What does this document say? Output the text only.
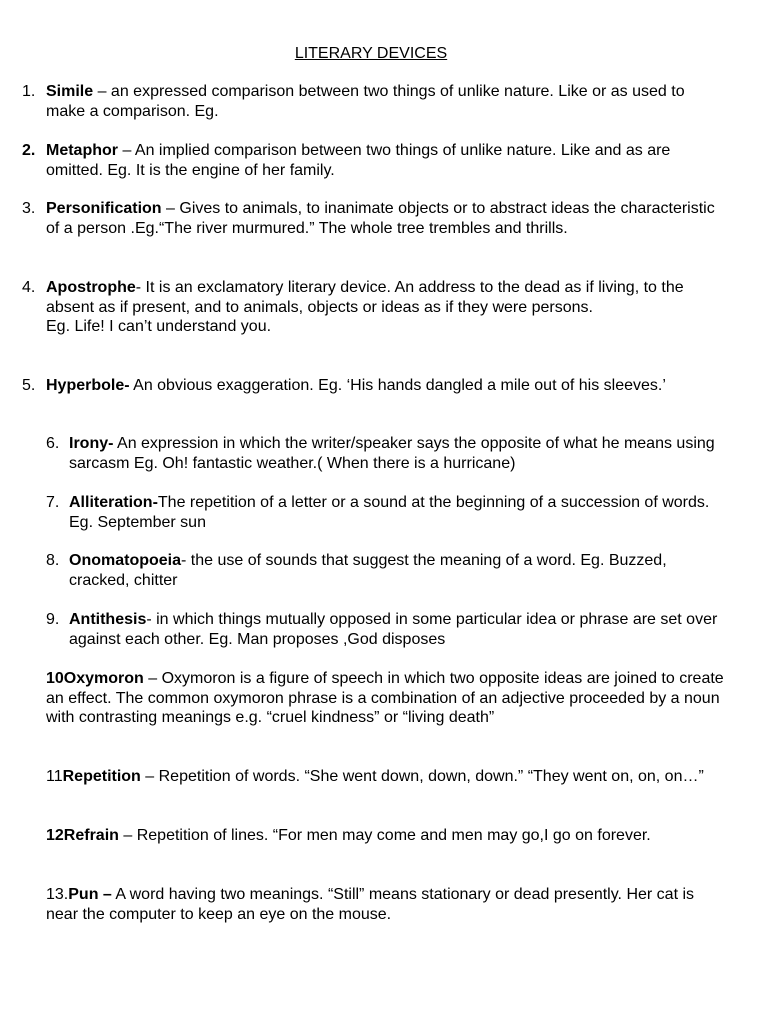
LITERARY DEVICES
1. Simile – an expressed comparison between two things of unlike nature. Like or as used to make a comparison. Eg.
2. Metaphor – An implied comparison between two things of unlike nature. Like and as are omitted. Eg. It is the engine of her family.
3. Personification – Gives to animals, to inanimate objects or to abstract ideas the characteristic of a person .Eg.“The river murmured.” The whole tree trembles and thrills.
4. Apostrophe- It is an exclamatory literary device. An address to the dead as if living, to the absent as if present, and to animals, objects or ideas as if they were persons.
Eg. Life! I can’t understand you.
5. Hyperbole- An obvious exaggeration. Eg. ‘His hands dangled a mile out of his sleeves.’
6. Irony- An expression in which the writer/speaker says the opposite of what he means using sarcasm Eg. Oh! fantastic weather.( When there is a hurricane)
7. Alliteration-The repetition of a letter or a sound at the beginning of a succession of words. Eg. September sun
8. Onomatopoeia- the use of sounds that suggest the meaning of a word. Eg. Buzzed, cracked, chitter
9. Antithesis- in which things mutually opposed in some particular idea or phrase are set over against each other. Eg. Man proposes ,God disposes
10Oxymoron – Oxymoron is a figure of speech in which two opposite ideas are joined to create an effect. The common oxymoron phrase is a combination of an adjective proceeded by a noun with contrasting meanings e.g. “cruel kindness” or “living death”
11Repetition – Repetition of words. “She went down, down, down.” “They went on, on, on…”
12Refrain – Repetition of lines. “For men may come and men may go,I go on forever.
13.Pun – A word having two meanings. “Still” means stationary or dead presently. Her cat is near the computer to keep an eye on the mouse.
